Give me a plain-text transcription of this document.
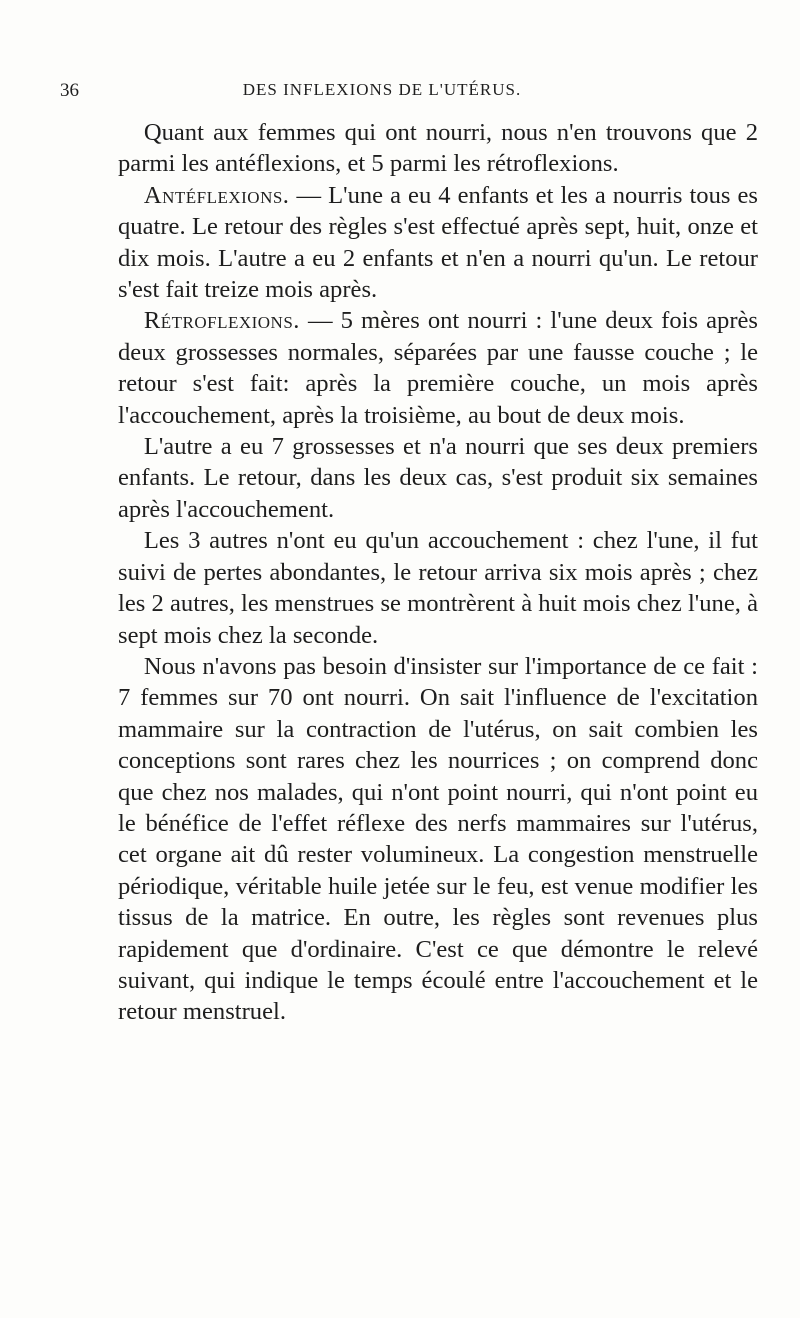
36	DES INFLEXIONS DE L'UTÉRUS.

Quant aux femmes qui ont nourri, nous n'en trouvons que 2 parmi les antéflexions, et 5 parmi les rétroflexions.

Antéflexions. — L'une a eu 4 enfants et les a nourris tous es quatre. Le retour des règles s'est effectué après sept, huit, onze et dix mois. L'autre a eu 2 enfants et n'en a nourri qu'un. Le retour s'est fait treize mois après.

Rétroflexions. — 5 mères ont nourri : l'une deux fois après deux grossesses normales, séparées par une fausse couche ; le retour s'est fait: après la première couche, un mois après l'accouchement, après la troisième, au bout de deux mois.

L'autre a eu 7 grossesses et n'a nourri que ses deux premiers enfants. Le retour, dans les deux cas, s'est produit six semaines après l'accouchement.

Les 3 autres n'ont eu qu'un accouchement : chez l'une, il fut suivi de pertes abondantes, le retour arriva six mois après ; chez les 2 autres, les menstrues se montrèrent à huit mois chez l'une, à sept mois chez la seconde.

Nous n'avons pas besoin d'insister sur l'importance de ce fait : 7 femmes sur 70 ont nourri. On sait l'influence de l'excitation mammaire sur la contraction de l'utérus, on sait combien les conceptions sont rares chez les nourrices ; on comprend donc que chez nos malades, qui n'ont point nourri, qui n'ont point eu le bénéfice de l'effet réflexe des nerfs mammaires sur l'utérus, cet organe ait dû rester volumineux. La congestion menstruelle périodique, véritable huile jetée sur le feu, est venue modifier les tissus de la matrice. En outre, les règles sont revenues plus rapidement que d'ordinaire. C'est ce que démontre le relevé suivant, qui indique le temps écoulé entre l'accouchement et le retour menstruel.
